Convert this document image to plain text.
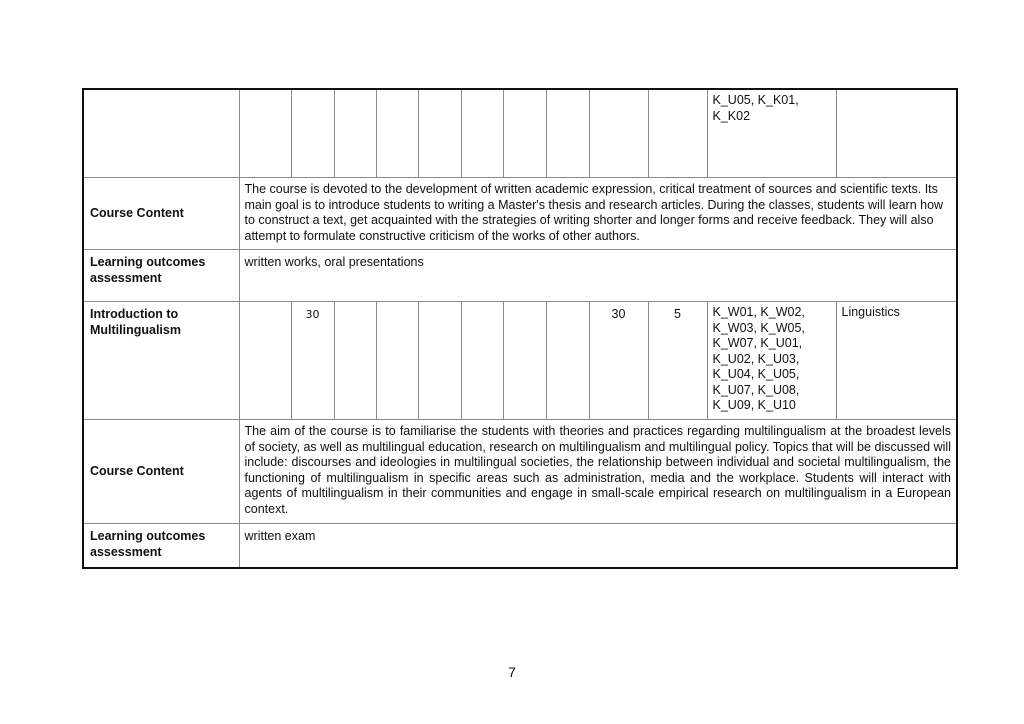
											K_U05, K_K01, K_K02	
Course Content	The course is devoted to the development of written academic expression, critical treatment of sources and scientific texts. Its main goal is to introduce students to writing a Master's thesis and research articles. During the classes, students will learn how to construct a text, get acquainted with the strategies of writing shorter and longer forms and receive feedback. They will also attempt to formulate constructive criticism of the works of other authors.											
Learning outcomes assessment	written works, oral presentations											
Introduction to Multilingualism		30							30	5	K_W01, K_W02, K_W03, K_W05, K_W07, K_U01, K_U02, K_U03, K_U04, K_U05, K_U07, K_U08, K_U09, K_U10	Linguistics
Course Content	The aim of the course is to familiarise the students with theories and practices regarding multilingualism at the broadest levels of society, as well as multilingual education, research on multilingualism and multilingual policy. Topics that will be discussed will include: discourses and ideologies in multilingual societies, the relationship between individual and societal multilingualism, the functioning of multilingualism in specific areas such as administration, media and the workplace. Students will interact with agents of multilingualism in their communities and engage in small-scale empirical research on multilingualism in a European context.											
Learning outcomes assessment	written exam											
7
